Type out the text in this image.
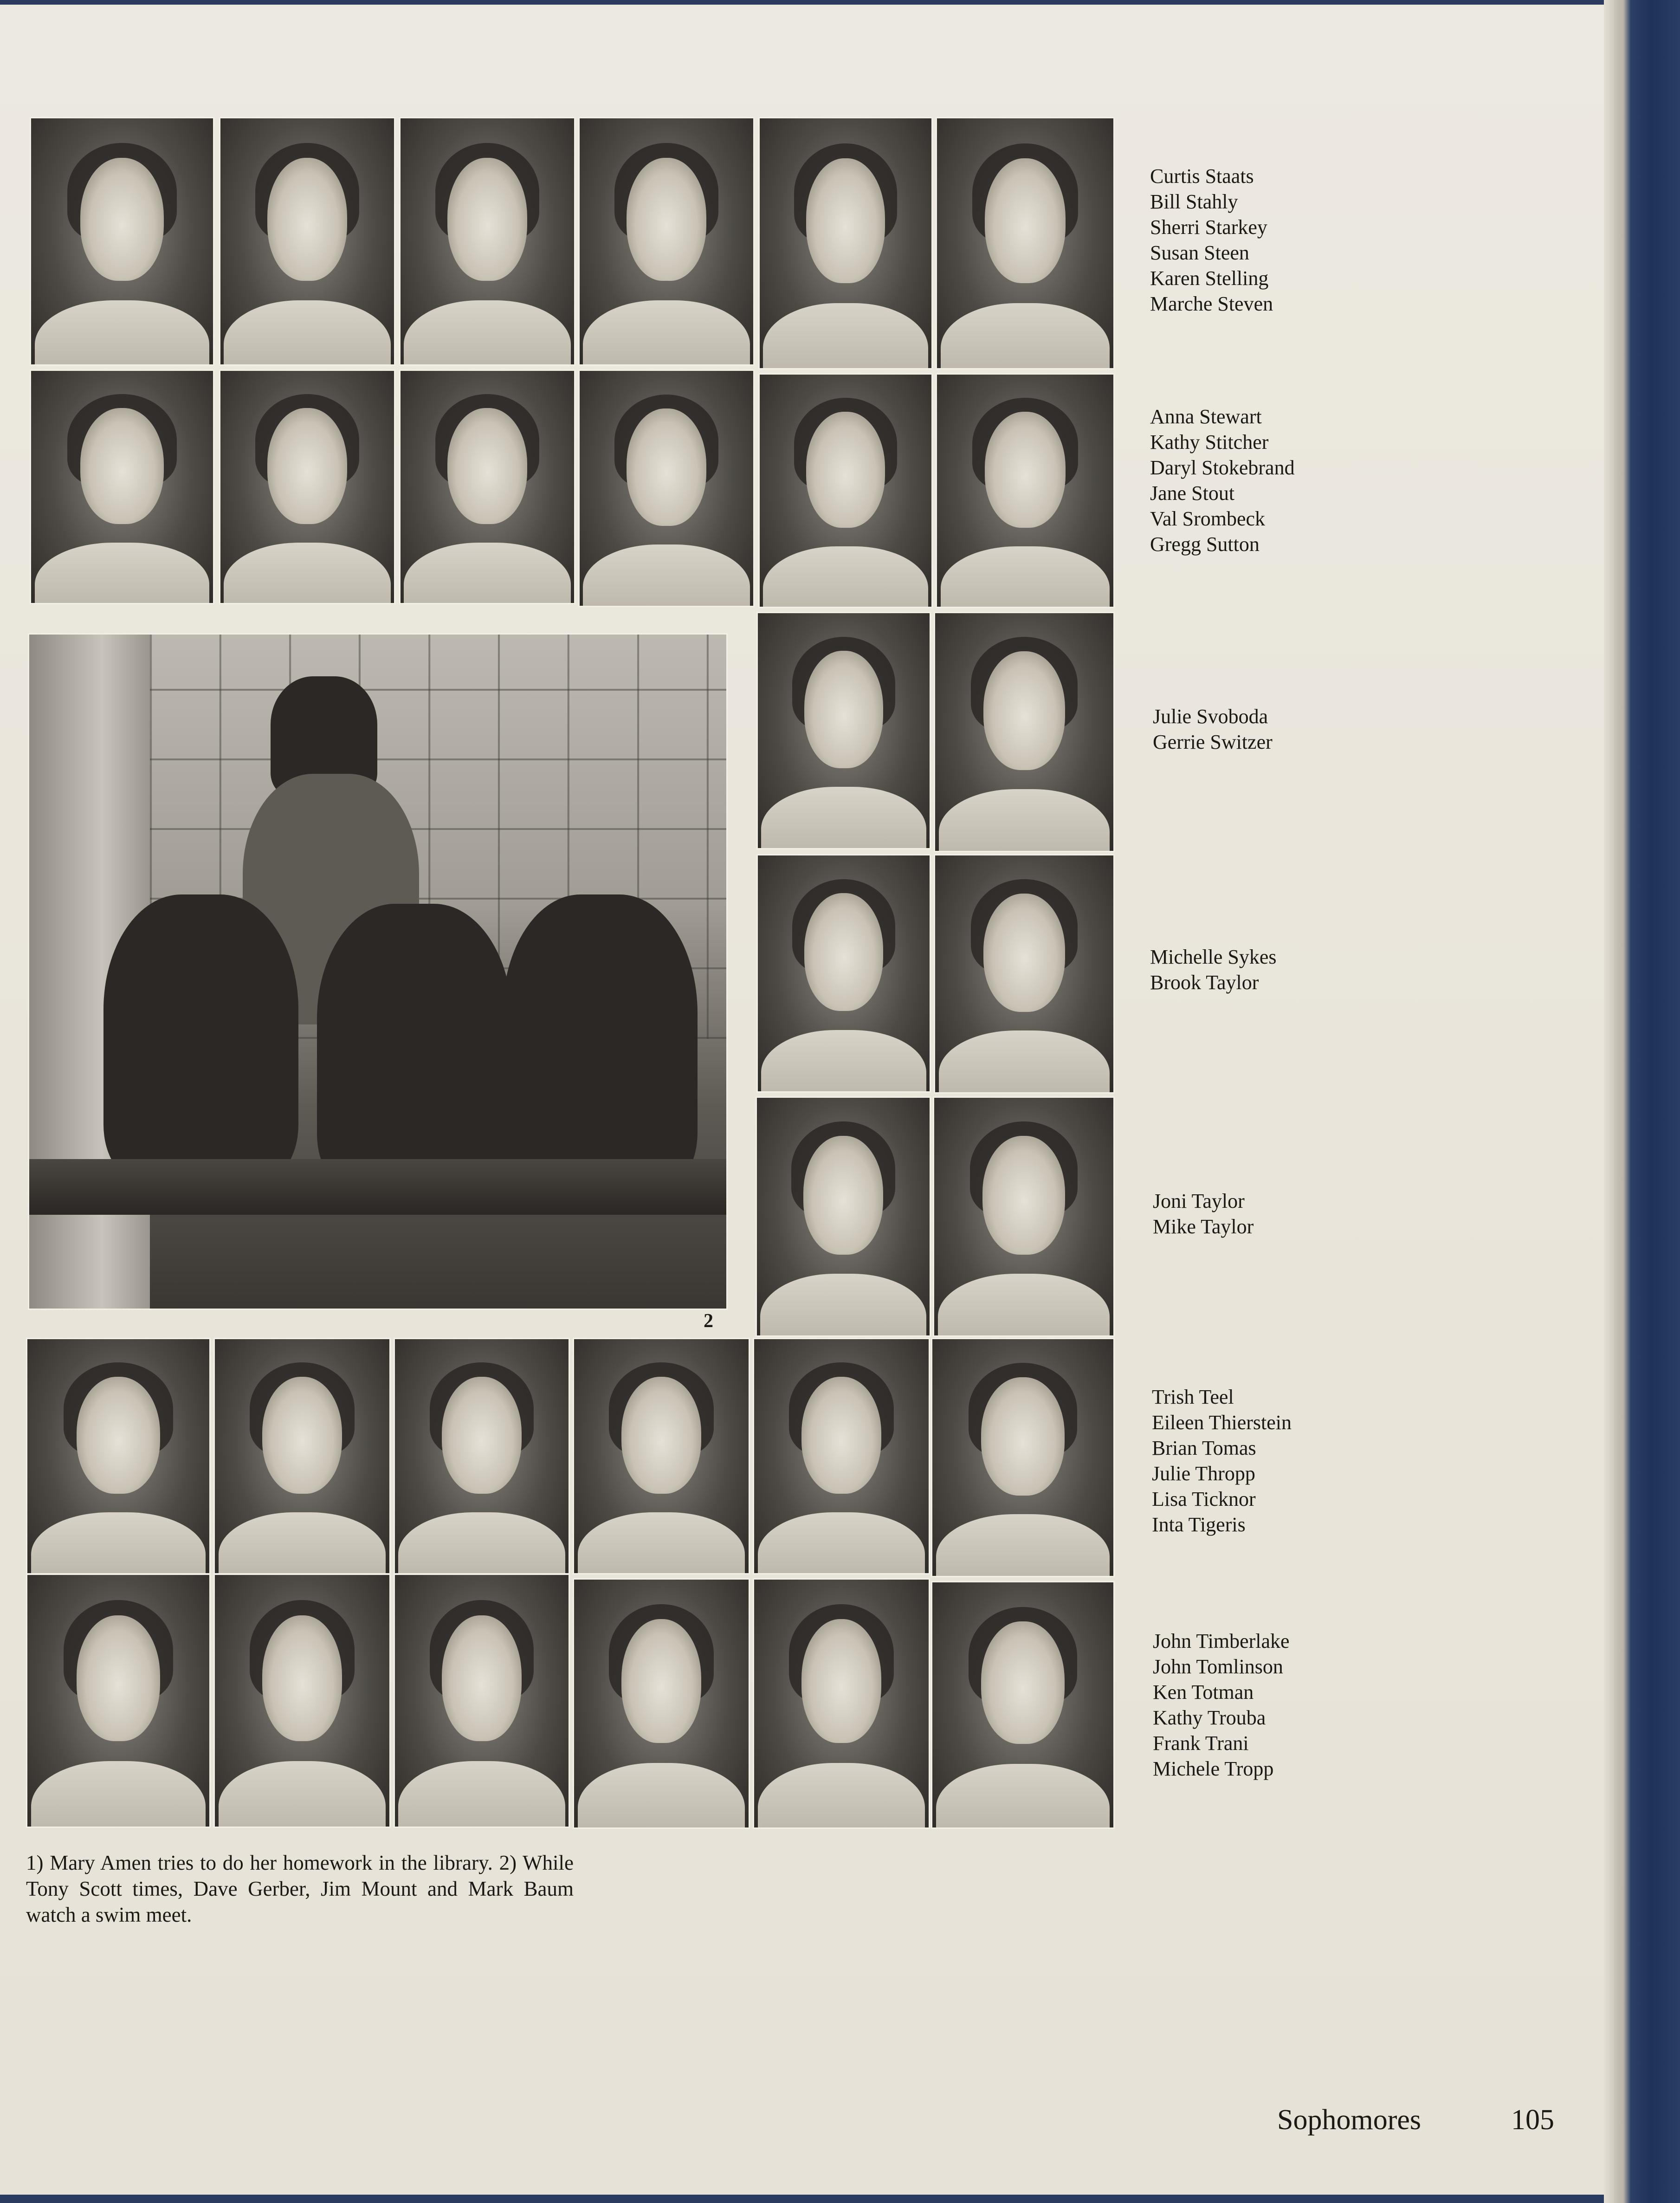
2
Curtis Staats
Bill Stahly
Sherri Starkey
Susan Steen
Karen Stelling
Marche Steven
Anna Stewart
Kathy Stitcher
Daryl Stokebrand
Jane Stout
Val Srombeck
Gregg Sutton
Julie Svoboda
Gerrie Switzer
Michelle Sykes
Brook Taylor
Joni Taylor
Mike Taylor
Trish Teel
Eileen Thierstein
Brian Tomas
Julie Thropp
Lisa Ticknor
Inta Tigeris
John Timberlake
John Tomlinson
Ken Totman
Kathy Trouba
Frank Trani
Michele Tropp
1) Mary Amen tries to do her homework in the library. 2) While Tony Scott times, Dave Gerber, Jim Mount and Mark Baum watch a swim meet.
Sophomores	105
